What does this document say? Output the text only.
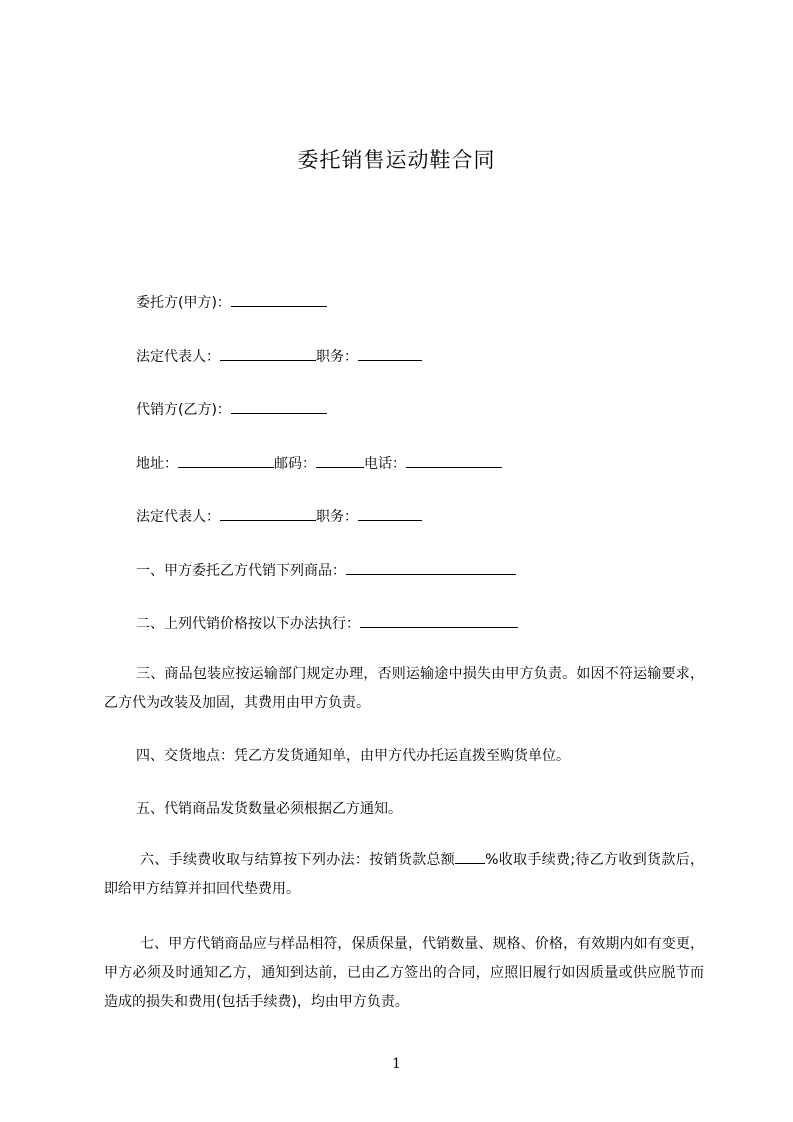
委托销售运动鞋合同
委托方(甲方)：
法定代表人：	职务：
代销方(乙方)：
地址：	邮码：	电话：
法定代表人：	职务：
一、甲方委托乙方代销下列商品：
二、上列代销价格按以下办法执行：
三、商品包装应按运输部门规定办理，否则运输途中损失由甲方负责。如因不符运输要求，乙方代为改装及加固，其费用由甲方负责。
四、交货地点：凭乙方发货通知单，由甲方代办托运直拨至购货单位。
五、代销商品发货数量必须根据乙方通知。
六、手续费收取与结算按下列办法：按销货款总额 %收取手续费;待乙方收到货款后，即给甲方结算并扣回代垫费用。
七、甲方代销商品应与样品相符，保质保量，代销数量、规格、价格，有效期内如有变更，甲方必须及时通知乙方，通知到达前，已由乙方签出的合同，应照旧履行如因质量或供应脱节而造成的损失和费用(包括手续费)，均由甲方负责。
1
